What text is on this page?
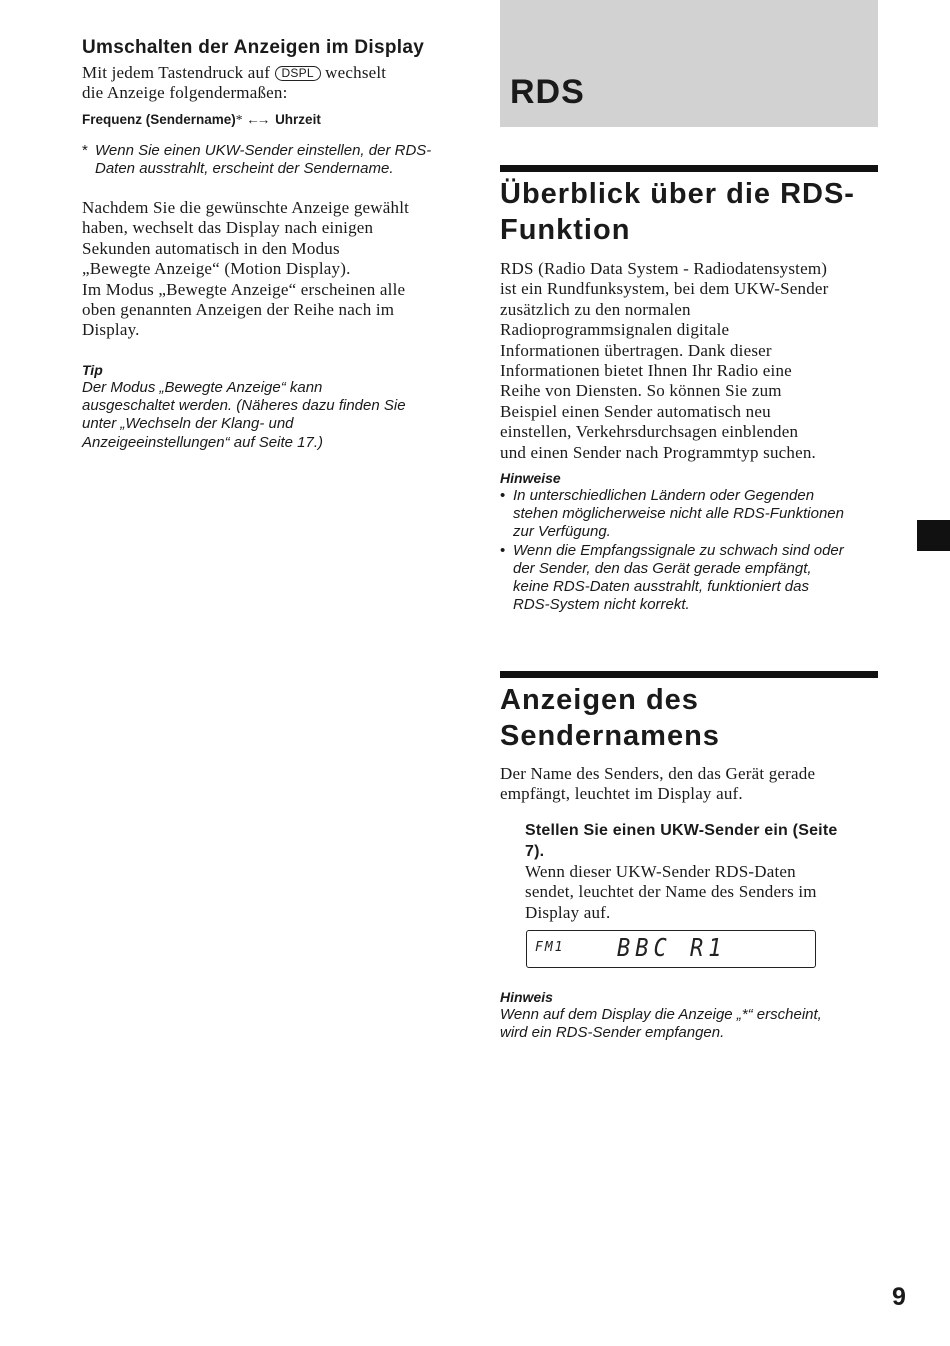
Umschalten der Anzeigen im Display
Mit jedem Tastendruck auf DSPL wechselt
die Anzeige folgendermaßen:
Frequenz (Sendername)* ←→ Uhrzeit
* Wenn Sie einen UKW-Sender einstellen, der RDS-
Daten ausstrahlt, erscheint der Sendername.
Nachdem Sie die gewünschte Anzeige gewählt
haben, wechselt das Display nach einigen
Sekunden automatisch in den Modus
„Bewegte Anzeige“ (Motion Display).
Im Modus „Bewegte Anzeige“ erscheinen alle
oben genannten Anzeigen der Reihe nach im
Display.
Tip
Der Modus „Bewegte Anzeige“ kann
ausgeschaltet werden. (Näheres dazu finden Sie
unter „Wechseln der Klang- und
Anzeigeeinstellungen“ auf Seite 17.)
RDS
Überblick über die RDS-
Funktion
RDS (Radio Data System - Radiodatensystem)
ist ein Rundfunksystem, bei dem UKW-Sender
zusätzlich zu den normalen
Radioprogrammsignalen digitale
Informationen übertragen. Dank dieser
Informationen bietet Ihnen Ihr Radio eine
Reihe von Diensten. So können Sie zum
Beispiel einen Sender automatisch neu
einstellen, Verkehrsdurchsagen einblenden
und einen Sender nach Programmtyp suchen.
Hinweise
• In unterschiedlichen Ländern oder Gegenden
stehen möglicherweise nicht alle RDS-Funktionen
zur Verfügung.
• Wenn die Empfangssignale zu schwach sind oder
der Sender, den das Gerät gerade empfängt,
keine RDS-Daten ausstrahlt, funktioniert das
RDS-System nicht korrekt.
Anzeigen des
Sendernamens
Der Name des Senders, den das Gerät gerade
empfängt, leuchtet im Display auf.
Stellen Sie einen UKW-Sender ein (Seite
7).
Wenn dieser UKW-Sender RDS-Daten
sendet, leuchtet der Name des Senders im
Display auf.
FM1 BBC R1
Hinweis
Wenn auf dem Display die Anzeige „*“ erscheint,
wird ein RDS-Sender empfangen.
9
